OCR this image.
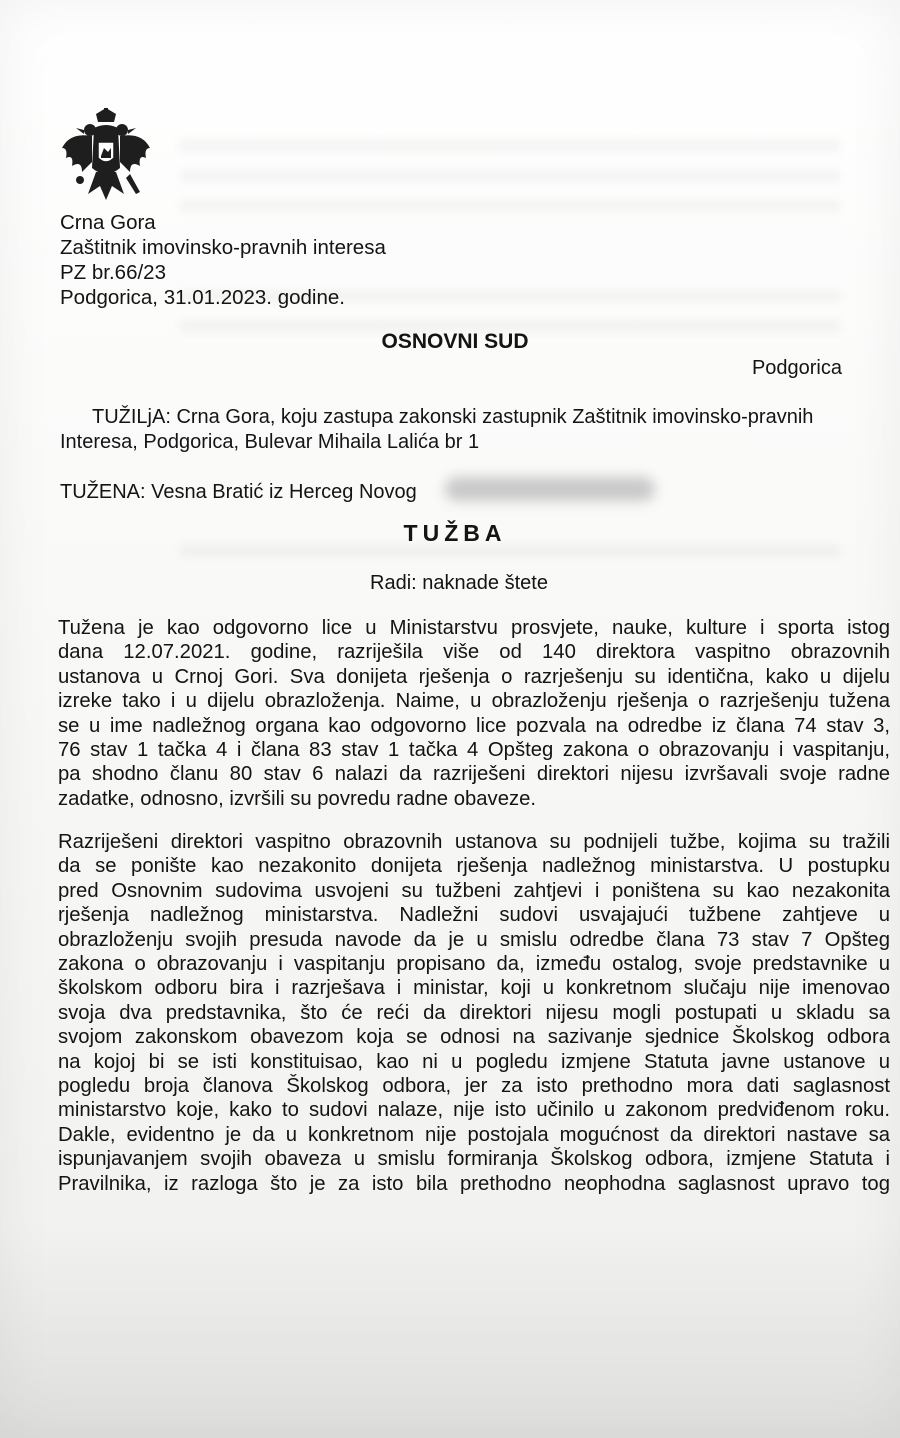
Crna Gora
Zaštitnik imovinsko-pravnih interesa
PZ br.66/23
Podgorica, 31.01.2023. godine.
OSNOVNI SUD
Podgorica
TUŽILjA: Crna Gora, koju zastupa zakonski zastupnik Zaštitnik imovinsko-pravnih
Interesa, Podgorica, Bulevar Mihaila Lalića br 1
TUŽENA: Vesna Bratić iz Herceg Novog
TUŽBA
Radi: naknade štete
Tužena je kao odgovorno lice u Ministarstvu prosvjete, nauke, kulture i sporta istog
dana 12.07.2021. godine, razriješila više od 140 direktora vaspitno obrazovnih
ustanova u Crnoj Gori. Sva donijeta rješenja o razrješenju su identična, kako u dijelu
izreke tako i u dijelu obrazloženja. Naime, u obrazloženju rješenja o razrješenju tužena
se u ime nadležnog organa kao odgovorno lice pozvala na odredbe iz člana 74 stav 3,
76 stav 1 tačka 4 i člana 83 stav 1 tačka 4 Opšteg zakona o obrazovanju i vaspitanju,
pa shodno članu 80 stav 6 nalazi da razriješeni direktori nijesu izvršavali svoje radne
zadatke, odnosno, izvršili su povredu radne obaveze.
Razriješeni direktori vaspitno obrazovnih ustanova su podnijeli tužbe, kojima su tražili
da se ponište kao nezakonito donijeta rješenja nadležnog ministarstva. U postupku
pred Osnovnim sudovima usvojeni su tužbeni zahtjevi i poništena su kao nezakonita
rješenja nadležnog ministarstva. Nadležni sudovi usvajajući tužbene zahtjeve u
obrazloženju svojih presuda navode da je u smislu odredbe člana 73 stav 7 Opšteg
zakona o obrazovanju i vaspitanju propisano da, između ostalog, svoje predstavnike u
školskom odboru bira i razrješava i ministar, koji u konkretnom slučaju nije imenovao
svoja dva predstavnika, što će reći da direktori nijesu mogli postupati u skladu sa
svojom zakonskom obavezom koja se odnosi na sazivanje sjednice Školskog odbora
na kojoj bi se isti konstituisao, kao ni u pogledu izmjene Statuta javne ustanove u
pogledu broja članova Školskog odbora, jer za isto prethodno mora dati saglasnost
ministarstvo koje, kako to sudovi nalaze, nije isto učinilo u zakonom predviđenom roku.
Dakle, evidentno je da u konkretnom nije postojala mogućnost da direktori nastave sa
ispunjavanjem svojih obaveza u smislu formiranja Školskog odbora, izmjene Statuta i
Pravilnika, iz razloga što je za isto bila prethodno neophodna saglasnost upravo tog
